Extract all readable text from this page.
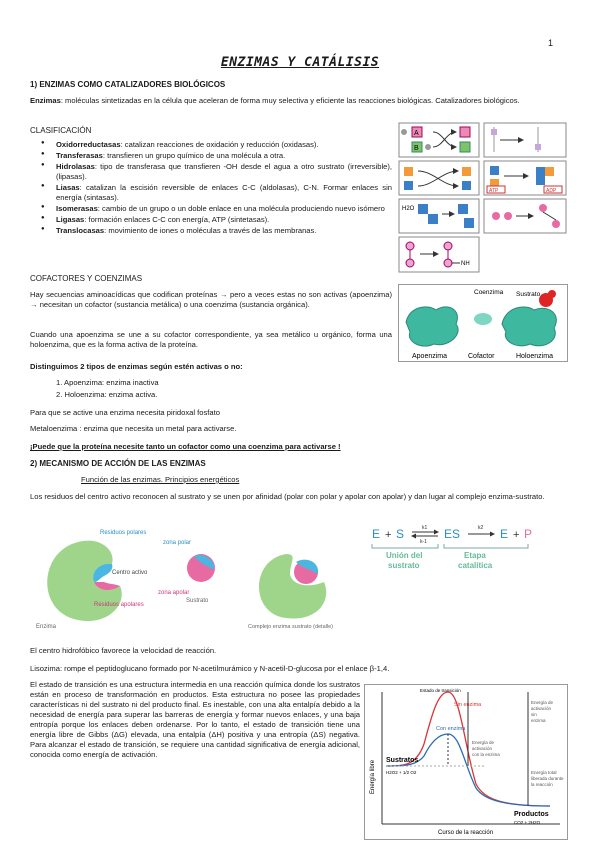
1
ENZIMAS Y CATÁLISIS
1) ENZIMAS COMO CATALIZADORES BIOLÓGICOS
Enzimas: moléculas sintetizadas en la célula que aceleran de forma muy selectiva y eficiente las reacciones biológicas. Catalizadores biológicos.
CLASIFICACIÓN
● Oxidorreductasas: catalizan reacciones de oxidación y reducción (oxidasas).
● Transferasas: transfieren un grupo químico de una molécula a otra.
● Hidrolasas: tipo de transferasa que transfieren -OH desde el agua a otro sustrato (irreversible), (lipasas).
● Liasas: catalizan la escisión reversible de enlaces C-C (aldolasas), C-N. Formar enlaces sin energía (sintasas).
● Isomerasas: cambio de un grupo o un doble enlace en una molécula produciendo nuevo isómero
● Ligasas: formación enlaces C-C con energía, ATP (sintetasas).
● Translocasas: movimiento de iones o moléculas a través de las membranas.
A
B
ATP	ADP
H2O
NH
COFACTORES Y COENZIMAS
Hay secuencias aminoacídicas que codifican proteínas → pero a veces estas no son activas (apoenzima) → necesitan un cofactor (sustancia metálica) o una coenzima (sustancia orgánica).
Cuando una apoenzima se une a su cofactor correspondiente, ya sea metálico u orgánico, forma una holoenzima, que es la forma activa de la proteína.
Coenzima Sustrato
Apoenzima	Cofactor	Holoenzima
Distinguimos 2 tipos de enzimas según estén activas o no:
1. Apoenzima: enzima inactiva
2. Holoenzima: enzima activa.
Para que se active una enzima necesita piridoxal fosfato
Metaloenzima : enzima que necesita un metal para activarse.
¡Puede que la proteína necesite tanto un cofactor como una coenzima para activarse !
2) MECANISMO DE ACCIÓN DE LAS ENZIMAS
Función de las enzimas. Principios energéticos
Los residuos del centro activo reconocen al sustrato y se unen por afinidad (polar con polar y apolar con apolar) y dan lugar al complejo enzima-sustrato.
Residuos polares
zona polar
Centro activo
zona apolar
Residuos apolares
Enzima
Sustrato
Complejo enzima sustrato (detalle)
E + S	k1
k-1
ES	k2 E + P
Unión del
sustrato
Etapa
catalítica
El centro hidrofóbico favorece la velocidad de reacción.
Lisozima: rompe el peptidoglucano formado por N-acetilmurámico y N-acetil-D-glucosa por el enlace β-1,4.
El estado de transición es una estructura intermedia en una reacción química donde los sustratos están en proceso de transformación en productos. Esta estructura no posee las propiedades características ni del sustrato ni del producto final. Es inestable, con una alta entalpía debido a la necesidad de energía para superar las barreras de energía y formar nuevos enlaces, y una baja entropía porque los enlaces deben ordenarse. Por lo tanto, el estado de transición tiene una energía libre de Gibbs (ΔG) elevada, una entalpía (ΔH) positiva y una entropía (ΔS) negativa. Para alcanzar el estado de transición, se requiere una cantidad significativa de energía adicional, conocida como energía de activación.
Energía libre
Curso de la reacción
Estado de transición
Sin enzima
Con enzima
Sustratos
H2O2 + 1/2 O2
Productos
CO2 + 2H2O
Energía de activación con la enzima
Energía de activación sin enzima
Energía total liberada durante la reacción
